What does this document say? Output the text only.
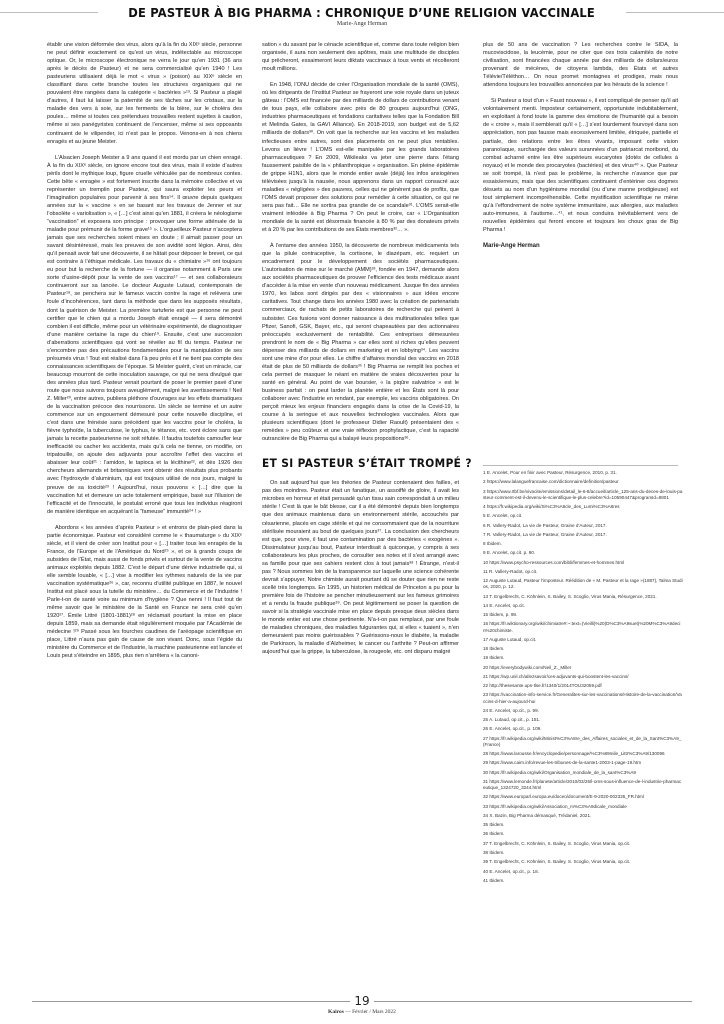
DE PASTEUR À BIG PHARMA : CHRONIQUE D’UNE RELIGION VACCINALE
Marie-Ange Herman

établir une vision déformée des virus, alors qu’à la fin du XIXᵉ siècle, personne ne peut définir exactement ce qu’est un virus, indétectable au microscope optique. Or, le microscope électronique ne verra le jour qu’en 1931 (36 ans après le décès de Pasteur) et ne sera commercialisé qu’en 1940 ! Les pasteuriens utilisaient déjà le mot « virus » (poison) au XIXᵉ siècle en classifiant dans cette branche toutes les structures organiques qui ne pouvaient être rangées dans la catégorie « bactéries »¹³. Si Pasteur a plagié d’autres, il faut lui laisser la paternité de ses tâches sur les cristaux, sur la maladie des vers à soie, sur les ferments de la bière, sur le choléra des poules… même si toutes ces prétendues trouvailles restent sujettes à caution, même si ses panégyristes continuent de l’encenser, même si ses opposants continuent de le vilipender, ici n’est pas le propos. Venons-en à nos chiens enragés et au jeune Meister.

L’Alsacien Joseph Meister a 9 ans quand il est mordu par un chien enragé. À la fin du XIXᵉ siècle, on ignore encore tout des virus, mais il existe d’autres périls dont le mythique loup, figure cruelle véhiculée par de nombreux contes. Cette bête « enragée » est fortement inscrite dans la mémoire collective et va représenter un tremplin pour Pasteur, qui saura exploiter les peurs et l’imagination populaires pour parvenir à ses fins¹⁴. Il œuvre depuis quelques années sur la « vaccine » en se basant sur les travaux de Jenner et sur l’obsolète « variolisation », « […] c’est ainsi qu’en 1881, il créera le néologisme “vaccination” et exposera son principe : provoquer une forme atténuée de la maladie pour prémunir de la forme grave¹⁵ ». L’orgueilleux Pasteur n’acceptera jamais que ses recherches soient mises en doute ; il aimait passer pour un savant désintéressé, mais les preuves de son avidité sont légion. Ainsi, dès qu’il pensait avoir fait une découverte, il se hâtait pour déposer le brevet, ce qui est contraire à l’éthique médicale. Les travaux du « chimiatre »¹⁶ ont toujours eu pour but la recherche de la fortune — il organise notamment à Paris une sorte d’usine-dépôt pour la vente de ses vaccins¹⁷ — et ses collaborateurs continueront sur sa lancée. Le docteur Auguste Lutaud, contemporain de Pasteur¹⁸, se penchera sur le fameux vaccin contre la rage et relèvera une foule d’incohérences, tant dans la méthode que dans les supposés résultats, dont la guérison de Meister. La première tartuferie est que personne ne peut certifier que le chien qui a mordu Joseph était enragé — il sera démontré combien il est difficile, même pour un vétérinaire expérimenté, de diagnostiquer d’une manière certaine la rage du chien¹⁹. Ensuite, c’est une succession d’aberrations scientifiques qui vont se révéler au fil du temps. Pasteur ne s’encombre pas des précautions fondamentales pour la manipulation de ses présumés virus ! Tout est réalisé dans l’à peu près et il ne tient pas compte des connaissances scientifiques de l’époque. Si Meister guérit, c’est un miracle, car beaucoup mourront de cette inoculation sauvage, ce qui ne sera divulgué que des années plus tard. Pasteur venait pourtant de poser le premier pavé d’une route que nous suivons toujours aveuglément, malgré les avertissements ! Neil Z. Miller²⁰, entre autres, publiera pléthore d’ouvrages sur les effets dramatiques de la vaccination précoce des nourrissons. Un siècle se termine et un autre commence sur un engouement démesuré pour cette nouvelle discipline, et c’est dans une frénésie sans précédent que les vaccins pour le choléra, la fièvre typhoïde, la tuberculose, le typhus, le tétanos, etc. vont éclore sans que jamais la recette pasteurienne ne soit réfutée. Il faudra toutefois camoufler leur inefficacité ou cacher les accidents, mais qu’à cela ne tienne, on modifie, on tripatouille, on ajoute des adjuvants pour accroître l’effet des vaccins et abaisser leur coût²¹ : l’amidon, le tapioca et la lécithine²², et dès 1926 des chercheurs allemands et britanniques vont obtenir des résultats plus probants avec l’hydroxyde d’aluminium, qui est toujours utilisé de nos jours, malgré la preuve de sa toxicité²³ ! Aujourd’hui, nous pouvons « […] dire que la vaccination fut et demeure un acte totalement empirique, basé sur l’illusion de l’efficacité et de l’innocuité, le postulat erroné que tous les individus réagiront de manière identique en acquérant la “fameuse” immunité²⁴ ! »

Abordons « les années d’après Pasteur » et entrons de plain-pied dans la partie économique. Pasteur est considéré comme le « thaumaturge » du XIXᵉ siècle, et il vient de créer son Institut pour « […] traiter tous les enragés de la France, de l’Europe et de l’Amérique du Nord²⁵ », et ce à grands coups de subsides de l’État, mais aussi de fonds privés et surtout de la vente de vaccins animaux exploités depuis 1882. C’est le départ d’une dérive industrielle qui, si elle semble louable, « […] vise à modifier les rythmes naturels de la vie par vaccination systématique²⁶ », car, reconnu d’utilité publique en 1887, le nouvel Institut est placé sous la tutelle du ministère… du Commerce et de l’Industrie ! Parle-t-on de santé voire au minimum d’hygiène ? Que nenni ! Il faut tout de même savoir que le ministère de la Santé en France ne sera créé qu’en 1920²⁷. Émile Littré (1801-1881)²⁸ en réclamait pourtant la mise en place depuis 1859, mais sa demande était régulièrement moquée par l’Académie de médecine !²⁹ Passé sous les fourches caudines de l’aréopage scientifique en place, Littré n’aura pas gain de cause de son vivant. Donc, sous l’égide du ministère du Commerce et de l’Industrie, la machine pasteurienne est lancée et Louis peut s’éteindre en 1895, plus rien n’arrêtera « la canoni-

sation » du savant par le cénacle scientifique et, comme dans toute religion bien organisée, il aura non seulement des apôtres, mais une multitude de disciples qui prêcheront, essaimeront leurs diktats vaccinaux à tous vents et récolteront moult millions.

En 1948, l’ONU décide de créer l’Organisation mondiale de la santé (OMS), où les dirigeants de l’Institut Pasteur se frayeront une voie royale dans un juteux gâteau : l’OMS est financée par des milliards de dollars de contributions venant de tous pays, elle collabore avec près de 80 groupes aujourd’hui (ONG, industries pharmaceutiques et fondations caritatives telles que la Fondation Bill et Melinda Gates, la GAVI Alliance). En 2018-2019, son budget est de 5,62 milliards de dollars³⁰. On voit que la recherche sur les vaccins et les maladies infectieuses entre autres, sont des placements on ne peut plus rentables. Levons un lièvre ! L’OMS est-elle manipulée par les grands laboratoires pharmaceutiques ? En 2009, Wikileaks va jeter une pierre dans l’étang faussement paisible de la « philanthropique » organisation. En pleine épidémie de grippe H1N1, alors que le monde entier avale (déjà) les infos anxiogènes télévisées jusqu’à la nausée, nous apprenons dans un rapport consacré aux maladies « négligées » des pauvres, celles qui ne génèrent pas de profits, que l’OMS devait proposer des solutions pour remédier à cette situation, ce qui ne sera pas fait… Elle ne sortira pas grandie de ce scandale³¹. L’OMS serait-elle vraiment inféodée à Big Pharma ? On peut le croire, car « L’Organisation mondiale de la santé est désormais financée à 80 % par des donateurs privés et à 20 % par les contributions de ses États membres³²… ».

À l’entame des années 1950, la découverte de nombreux médicaments tels que la pilule contraceptive, la cortisone, le diazépam, etc. requiert un encadrement pour le développement des sociétés pharmaceutiques. L’autorisation de mise sur le marché (AMM)³³, fondée en 1947, demande alors aux sociétés pharmaceutiques de prouver l’efficience des tests médicaux avant d’accéder à la mise en vente d’un nouveau médicament. Jusque fin des années 1970, les labos sont dirigés par des « visionnaires » aux idées encore caritatives. Tout change dans les années 1980 avec la création de partenariats commerciaux, de rachats de petits laboratoires de recherche qui peinent à subsister. Ces fusions vont donner naissance à des multinationales telles que Pfizer, Sanofi, GSK, Bayer, etc., qui seront chapeautées par des actionnaires préoccupés exclusivement de rentabilité. Ces entreprises démesurées prendront le nom de « Big Pharma » car elles sont si riches qu’elles peuvent dépenser des milliards de dollars en marketing et en lobbying³⁴. Les vaccins sont une mine d’or pour elles. Le chiffre d’affaires mondial des vaccins en 2018 était de plus de 50 milliards de dollars³⁵ ! Big Pharma se remplit les poches et cela permet de masquer le néant en matière de vraies découvertes pour la santé en général. Au point de vue boursier, « la piqûre salvatrice » est le business parfait : on peut larder la planète entière et les États sont là pour collaborer avec l’industrie en rendant, par exemple, les vaccins obligatoires. On perçoit mieux les enjeux financiers engagés dans la crise de la Covid-19, la course à la seringue et aux nouvelles technologies vaccinales. Alors que plusieurs scientifiques (dont le professeur Didier Raoult) présentaient des « remèdes » peu coûteux et une vraie réflexion prophylactique, c’est la rapacité outrancière de Big Pharma qui a balayé leurs propositions³⁶.

ET SI PASTEUR S’ÉTAIT TROMPÉ ?

On sait aujourd’hui que les théories de Pasteur contenaient des failles, et pas des moindres. Pasteur était un fanatique, un assoiffé de gloire, il avait les microbes en horreur et était persuadé qu’un tissu sain correspondait à un milieu stérile ! C’est là que le bât blesse, car il a été démontré depuis bien longtemps que des animaux maintenus dans un environnement stérile, accouchés par césarienne, placés en cage stérile et qui ne consommaient que de la nourriture stérilisée mouraient au bout de quelques jours³⁷. La conclusion des chercheurs est que, pour vivre, il faut une contamination par des bactéries « exogènes ». Dissimulateur jusqu’au bout, Pasteur interdisait à quiconque, y compris à ses collaborateurs les plus proches, de consulter ses notes et il s’est arrangé avec sa famille pour que ses cahiers restent clos à tout jamais³⁸ ! Étrange, n’est-il pas ? Nous sommes loin de la transparence sur laquelle une science cohérente devrait s’appuyer. Notre chimiste aurait pourtant dû se douter que rien ne reste scellé très longtemps. En 1995, un historien médical de Princeton a pu pour la première fois de l’histoire se pencher minutieusement sur les fameux grimoires et a rendu la fraude publique³⁹. On peut légitimement se poser la question de savoir si la stratégie vaccinale mise en place depuis presque deux siècles dans le monde entier est une chose pertinente. N’a-t-on pas remplacé, par une foule de maladies chroniques, des maladies fulgurantes qui, si elles « tuaient », n’en demeuraient pas moins guérissables ? Guérissons-nous le diabète, la maladie de Parkinson, la maladie d’Alzheimer, le cancer ou l’arthrite ? Peut-on affirmer aujourd’hui que la grippe, la tuberculose, la rougeole, etc. ont disparu malgré

plus de 50 ans de vaccination ? Les recherches contre le SIDA, la mucoviscidose, la leucémie, pour ne citer que ces trois calamités de notre civilisation, sont financées chaque année par des milliards de dollars/euros provenant de mécènes, de citoyens lambda, des États et autres Télévie/Téléthon… On nous promet montagnes et prodiges, mais nous attendons toujours les trouvailles annoncées par les hérauts de la science !

Si Pasteur a tout d’un « Faust nouveau », il est compliqué de penser qu’il ait volontairement menti. Imposteur certainement, opportuniste indubitablement, en exploitant à fond toute la gamme des émotions de l’humanité qui a besoin de « croire », mais il semblerait qu’il « […] s’est lourdement fourvoyé dans son appréciation, non pas fausse mais excessivement limitée, étriquée, partielle et partiale, des relations entre les êtres vivants, imposant cette vision paranoïaque, surchargée des valeurs surannées d’un patriarcat moribond, du combat acharné entre les être supérieurs eucaryotes (dotés de cellules à noyaux) et le monde des procaryotes (bactéries) et des virus⁴⁰ ». Que Pasteur se soit trompé, là n’est pas le problème, la recherche n’avance que par essais/erreurs, mais que des scientifiques continuent d’entériner ces dogmes désuets au nom d’un hygiénisme mondial (ou d’une manne prodigieuse) est tout simplement incompréhensible. Cette mystification scientifique ne mène qu’à l’effondrement de notre système immunitaire, aux allergies, aux maladies auto-immunes, à l’autisme…⁴¹, et nous conduira inévitablement vers de nouvelles épidémies qui feront encore et toujours les choux gras de Big Pharma !

Marie-Ange Herman
1 E. Ancelet, Pour en finir avec Pasteur, Résurgence, 2010, p. 31.
2 https://www.lalanguefrancaise.com/dictionnaire/definition/pasteur
3 https://www.rtbf.be/vivacite/emissions/detail_le-6-8/accueil/article_125-ans-du-deces-de-louis-pasteur-comment-est-il-devenu-le-scientifique-le-plus-celebre?id=10590447&programId=8801
4 https://fr.wikipedia.org/wiki/Si%C3%A8cle_des_Lumi%C3%A8res
5 E. Ancelet, op.cit.
6 R. Vallery-Radot, La vie de Pasteur, Graine d’Auteur, 2017.
7 R. Vallery-Radot, La vie de Pasteur, Graine d’Auteur, 2017.
8 Ibidem.
9 E. Ancelet, op.cit. p. 90.
10 https://www.psycho-ressources.com/bibli/femmes-et-hommes.html
11 R. Vallery-Radot, op.cit.
12 Auguste Lutaud, Pasteur l’imposteur. Réédition de « M. Pasteur et la rage »(1887), Talma Studios, 2020, p. 12.
13 T. Engelbrecht, C. Köhnlein, S. Bailey, S. Scoglio, Virus Mania, Résurgence, 2021.
14 E. Ancelet, op.cit.
15 Ibidem, p. 98.
16 https://fr.wiktionary.org/wiki/chimiatre#:~:text=(Vieilli)%20(D%C3%A9suet)%20M%C3%A9decin%20chimiste.
17 Auguste Lutaud, op.cit.
18 Ibidem.
19 Ibidem.
20 https://everybodywiki.com/Neil_Z._Miller
21 https://wp.unil.ch/allezsavoir/ces-adjuvants-qui-boostent-les-vaccins/
22 http://thesesante.ups-tlse.fr/1340/1/2014TOU32059.pdf
23 https://vaccination-info-service.fr/Generalites-sur-les-vaccinations/Histoire-de-la-vaccination/Vaccins-d-hier-a-aujourd-hui
24 E. Ancelet, op.cit., p. 99.
25 A. Lutaud, op.cit., p. 151.
26 E. Ancelet, op.cit., p. 109.
27 https://fr.wikipedia.org/wiki/Minist%C3%A8re_des_Affaires_sociales_et_de_la_Sant%C3%A9_(France)
28 https://www.larousse.fr/encyclopedie/personnage/%C3%89mile_Littr%C3%A9/130096
29 https://www.cairn.info/revue-les-tribunes-de-la-sante1-2003-1-page-19.htm
30 https://fr.wikipedia.org/wiki/Organisation_mondiale_de_la_sant%C3%A9
31 https://www.lemonde.fr/planete/article/2010/03/26/l-oms-sous-influence-de-l-industrie-pharmaceutique_1324720_3244.html
32 https://www.europarl.europa.eu/doceo/document/E-9-2020-002335_FR.html
33 https://fr.wikipedia.org/wiki/Association_m%C3%A9dicale_mondiale
34 X. Bazin, Big Pharma démasqué, Trédaniel, 2021.
35 Ibidem.
36 Ibidem.
37 T. Engelbrecht, C. Köhnlein, S. Bailey, S. Scoglio, Virus Mania, op.cit.
38 Ibidem.
39 T. Engelbrecht, C. Köhnlein, S. Bailey, S. Scoglio, Virus Mania, op.cit.
40 E. Ancelet, op.cit., p. 18.
41 Ibidem.
19
Kairos — Février / Mars 2022
